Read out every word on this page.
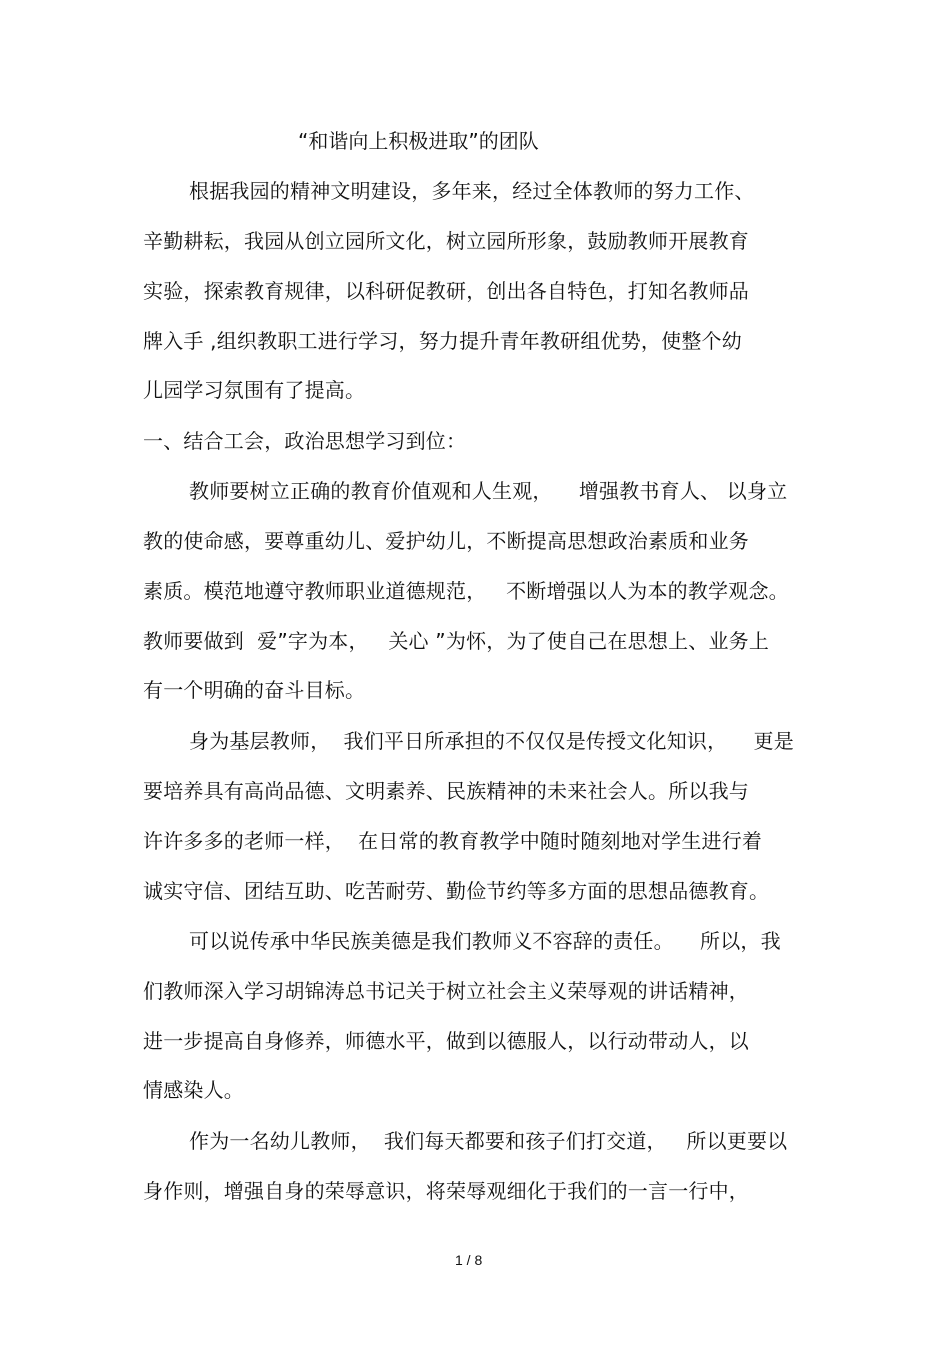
“和谐向上积极进取”的团队
根据我园的精神文明建设，多年来，经过全体教师的努力工作、
辛勤耕耘，我园从创立园所文化，树立园所形象，鼓励教师开展教育
实验，探索教育规律，以科研促教研，创出各自特色，打知名教师品
牌入手 ,组织教职工进行学习，努力提升青年教研组优势，使整个幼
儿园学习氛围有了提高。
一、结合工会，政治思想学习到位：
教师要树立正确的教育价值观和人生观，    增强教书育人、 以身立
教的使命感，要尊重幼儿、爱护幼儿，不断提高思想政治素质和业务
素质。模范地遵守教师职业道德规范，   不断增强以人为本的教学观念。
教师要做到  爱”字为本，   关心 ”为怀，为了使自己在思想上、业务上
有一个明确的奋斗目标。
身为基层教师，  我们平日所承担的不仅仅是传授文化知识，    更是
要培养具有高尚品德、文明素养、民族精神的未来社会人。所以我与
许许多多的老师一样，  在日常的教育教学中随时随刻地对学生进行着
诚实守信、团结互助、吃苦耐劳、勤俭节约等多方面的思想品德教育。
可以说传承中华民族美德是我们教师义不容辞的责任。    所以，我
们教师深入学习胡锦涛总书记关于树立社会主义荣辱观的讲话精神，
进一步提高自身修养，师德水平，做到以德服人，以行动带动人，以
情感染人。
作为一名幼儿教师，  我们每天都要和孩子们打交道，   所以更要以
身作则，增强自身的荣辱意识，将荣辱观细化于我们的一言一行中，
1 / 8
